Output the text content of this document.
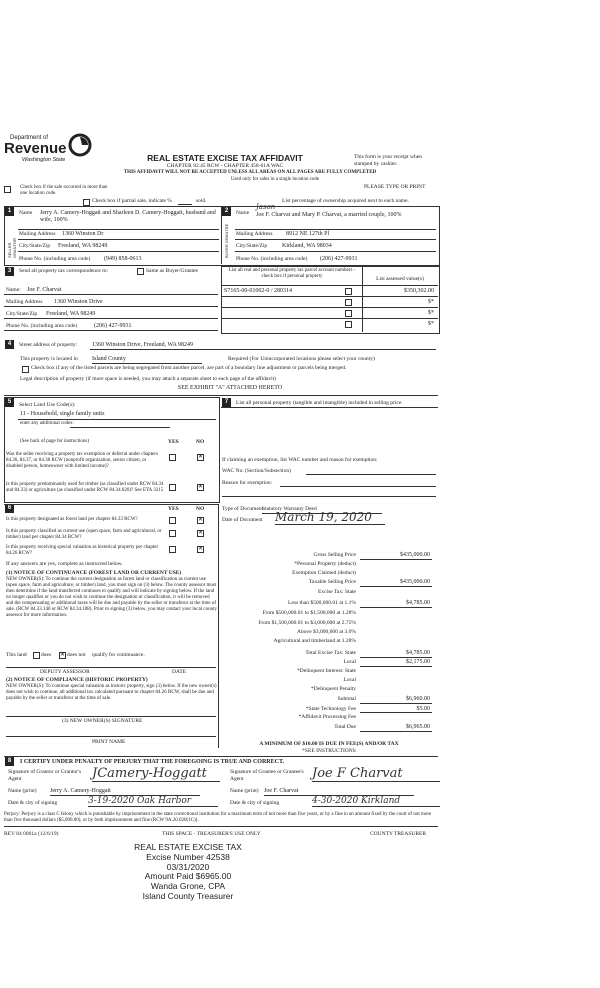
Department of
Revenue
Washington State	REAL ESTATE EXCISE TAX AFFIDAVIT
CHAPTER 82.45 RCW - CHAPTER 458-61A WAC
THIS AFFIDAVIT WILL NOT BE ACCEPTED UNLESS ALL AREAS ON ALL PAGES ARE FULLY COMPLETED
Used only for sales in a single location code
This form is your receipt when stamped by cashier.
PLEASE TYPE OR PRINT
Check box if the sale occurred in more than one location code.
Check box if partial sale, indicate %	sold.	List percentage of ownership acquired next to each name.
1
SELLER GRANTOR
Name Jerry A. Camery-Hoggatt and Sharleen D. Camery-Hoggatt, husband and wife, 100%
Mailing Address 1360 Winston Dr
City/State/Zip Freeland, WA 98249
Phone No. (including area code) (949) 858-0613
2
BUYER GRANTEE
Name
Jason
Joe F. Charvat and Mary P. Charvat, a married couple, 100%
Mailing Address 8912 NE 127th Pl
City/State/Zip Kirkland, WA 98034
Phone No. (including area code) (206) 427-9931
3	Send all property tax correspondence to:	Same as Buyer/Grantee
Name: Joe F. Charvat
Mailing Address 1360 Winston Drive
City/State/Zip Freeland, WA 98249
Phone No. (including area code)	(206) 427-9931
List all real and personal property tax parcel account numbers - check box if personal property	List assessed value(s)
S7165-00-01002-0 / 280314	$350,302.00
$*
$*
$*
4	Street address of property: 1360 Winston Drive, Freeland, WA 98249
This property is located in Island County	Required (For Unincorporated locations please select your county)
Check box if any of the listed parcels are being segregated from another parcel, are part of a boundary line adjustment or parcels being merged.
Legal description of property (if more space is needed, you may attach a separate sheet to each page of the affidavit)
SEE EXHIBIT "A" ATTACHED HERETO
5	Select Land Use Code(s):
11 - Household, single family units
enter any additional codes:
(See back of page for instructions)	YES	NO
Was the seller receiving a property tax exemption or deferral under chapters 84.36, 84.37, or 84.38 RCW (nonprofit organization, senior citizen, or disabled person, homeowner with limited income)?
✕
Is this property predominantly used for timber (as classified under RCW 84.34 and 84.33) or agriculture (as classified under RCW 84.34.020)? See ETA 3215
✕
7	List all personal property (tangible and intangible) included in selling price.
If claiming an exemption, list WAC number and reason for exemption:
WAC No. (Section/Subsection)
Reason for exemption:
Type of Document
Statutory Warranty Deed
Date of Document March 19, 2020
6	YES	NO
Is this property designated as forest land per chapter 84.33 RCW?
✕
Is this property classified as current use (open space, farm and agricultural, or timber) land per chapter 84.34 RCW?
✕
Is this property receiving special valuation as historical property per chapter 84.26 RCW?
✕
If any answers are yes, complete as instructed below.
(1) NOTICE OF CONTINUANCE (FOREST LAND OR CURRENT USE)
NEW OWNER(S): To continue the current designation as forest land or classification as current use (open space, farm and agriculture, or timber) land, you must sign on (3) below. The county assessor must then determine if the land transferred continues to qualify and will indicate by signing below. If the land no longer qualifies or you do not wish to continue the designation or classification, it will be removed and the compensating or additional taxes will be due and payable by the seller or transferor at the time of sale. (RCW 84.33.140 or RCW 84.34.108). Prior to signing (3) below, you may contact your local county assessor for more information.
This land	does
✕	does not qualify for continuance.
DEPUTY ASSESSOR	DATE
(2) NOTICE OF COMPLIANCE (HISTORIC PROPERTY)
NEW OWNER(S): To continue special valuation as historic property, sign (3) below. If the new owner(s) does not wish to continue, all additional tax calculated pursuant to chapter 84.26 RCW, shall be due and payable by the seller or transferor at the time of sale.
(3) NEW OWNER(S) SIGNATURE
PRINT NAME
Gross Selling Price	$435,000.00
*Personal Property (deduct)
Exemption Claimed (deduct)
Taxable Selling Price	$435,000.00
Excise Tax: State
Less than $500,000.01 at 1.1%	$4,785.00
From $500,000.01 to $1,500,000 at 1.28%
From $1,500,000.01 to $3,000,000 at 2.75%
Above $3,000,000 at 3.0%
Agricultural and timberland at 1.28%
Total Excise Tax: State	$4,785.00
Local	$2,175.00
*Delinquent Interest: State
Local
*Delinquent Penalty
Subtotal	$6,960.00
*State Technology Fee	$5.00
*Affidavit Processing Fee
Total Due	$6,965.00
A MINIMUM OF $10.00 IS DUE IN FEE(S) AND/OR TAX
*SEE INSTRUCTIONS
8	I CERTIFY UNDER PENALTY OF PERJURY THAT THE FOREGOING IS TRUE AND CORRECT.
Signature of Grantor or Grantor's Agent	JCamery-Hoggatt	Signature of Grantee or Grantee's Agent	Joe F Charvat
Name (print) Jerry A. Camery-Hoggatt	Name (print) Joe F. Charvat
Date & city of signing	3-19-2020 Oak Harbor	Date & city of signing	4-30-2020 Kirkland
Perjury: Perjury is a class C felony which is punishable by imprisonment in the state correctional institution for a maximum term of not more than five years, or by a fine in an amount fixed by the court of not more than five thousand dollars ($5,000.00), or by both imprisonment and fine (RCW 9A.20.020(1C)).
REV 84 0001a (12/6/19)	THIS SPACE - TREASURER'S USE ONLY	COUNTY TREASURER
REAL ESTATE EXCISE TAX
Excise Number 42538
03/31/2020
Amount Paid $6965.00
Wanda Grone, CPA
Island County Treasurer
